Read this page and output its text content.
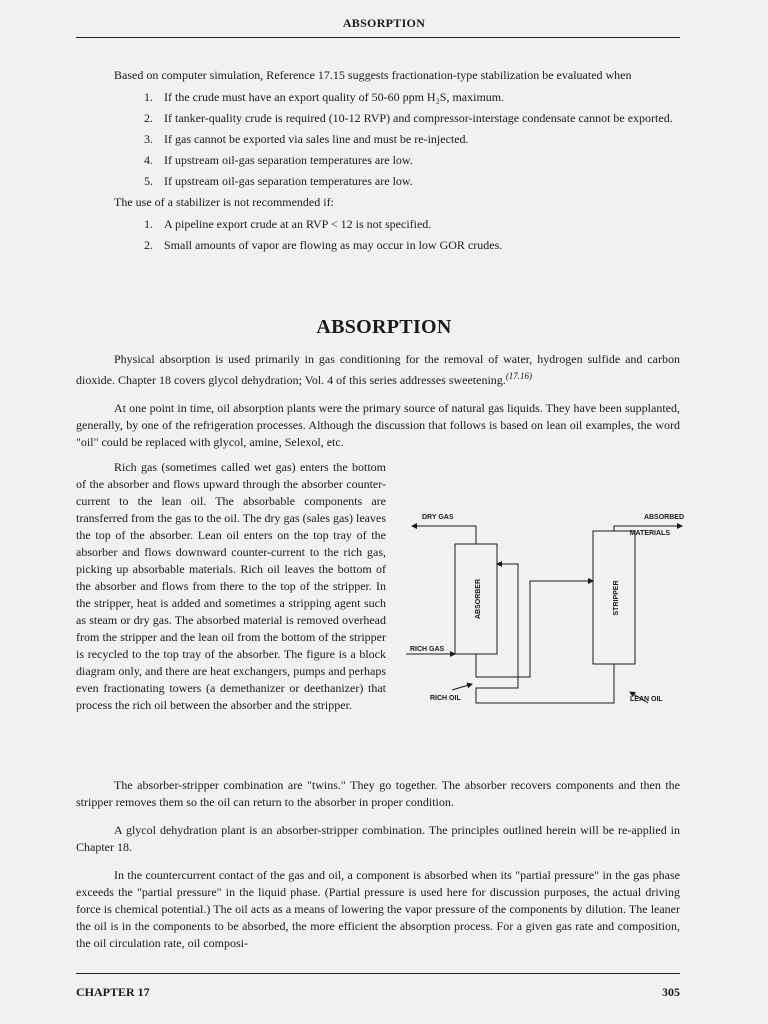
ABSORPTION

Based on computer simulation, Reference 17.15 suggests fractionation-type stabilization be evaluated when

1. If the crude must have an export quality of 50-60 ppm H₂S, maximum.
2. If tanker-quality crude is required (10-12 RVP) and compressor-interstage condensate cannot be exported.
3. If gas cannot be exported via sales line and must be re-injected.
4. If upstream oil-gas separation temperatures are low.
5. If upstream oil-gas separation temperatures are low.

The use of a stabilizer is not recommended if:

1. A pipeline export crude at an RVP < 12 is not specified.
2. Small amounts of vapor are flowing as may occur in low GOR crudes.
ABSORPTION

Physical absorption is used primarily in gas conditioning for the removal of water, hydrogen sulfide and carbon dioxide. Chapter 18 covers glycol dehydration; Vol. 4 of this series addresses sweetening.$^{(17.16)}$

At one point in time, oil absorption plants were the primary source of natural gas liquids. They have been supplanted, generally, by one of the refrigeration processes. Although the discussion that follows is based on lean oil examples, the word "oil" could be replaced with glycol, amine, Selexol, etc.

Rich gas (sometimes called wet gas) enters the bottom of the absorber and flows upward through the absorber counter-current to the lean oil. The absorbable components are transferred from the gas to the oil. The dry gas (sales gas) leaves the top of the absorber. Lean oil enters on the top tray of the absorber and flows downward counter-current to the rich gas, picking up absorbable materials. Rich oil leaves the bottom of the absorber and flows from there to the top of the stripper. In the stripper, heat is added and sometimes a stripping agent such as steam or dry gas. The absorbed material is removed overhead from the stripper and the lean oil from the bottom of the stripper is recycled to the top tray of the absorber. The figure is a block diagram only, and there are heat exchangers, pumps and perhaps even fractionating towers (a demethanizer or deethanizer) that process the rich oil between the absorber and the stripper.

DRY GAS	ABSORBED
MATERIALS
ABSORBER	STRIPPER
RICH GAS
RICH OIL	LEAN OIL

The absorber-stripper combination are "twins." They go together. The absorber recovers components and then the stripper removes them so the oil can return to the absorber in proper condition.

A glycol dehydration plant is an absorber-stripper combination. The principles outlined herein will be re-applied in Chapter 18.

In the countercurrent contact of the gas and oil, a component is absorbed when its "partial pressure" in the gas phase exceeds the "partial pressure" in the liquid phase. (Partial pressure is used here for discussion purposes, the actual driving force is chemical potential.) The oil acts as a means of lowering the vapor pressure of the components by dilution. The leaner the oil is in the components to be absorbed, the more efficient the absorption process. For a given gas rate and composition, the oil circulation rate, oil composi-

CHAPTER 17	305
